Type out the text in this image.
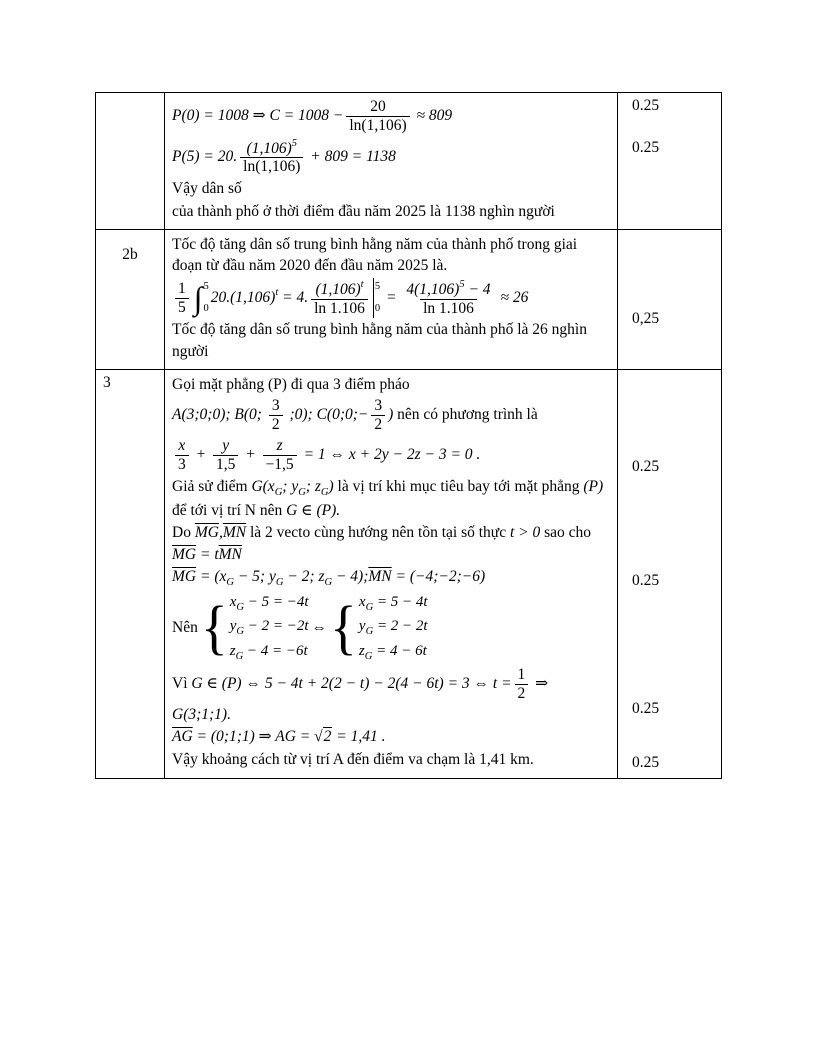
P(0) = 1008 ⇒ $C = 1008 - \frac{20}{\ln(1,106)} \approx 809$
P(5) = 20. $\frac{(1,106)^5}{\ln(1,106)} + 809 = 1138$
Vậy dân số
của thành phố ở thời điểm đầu năm 2025 là 1138 nghìn người
0.25
0.25
2b
Tốc độ tăng dân số trung bình hằng năm của thành phố trong giai đoạn từ đầu năm 2020 đến đầu năm 2025 là.
$\frac{1}{5}$ ∫ 5
0
$20.(1,106)^t = 4$. $\frac{(1,106)^t}{\ln 1.106} 5$
0
= $\frac{4(1,106)^5 - 4}{\ln 1.106} \approx 26$
Tốc độ tăng dân số trung bình hằng năm của thành phố là 26 nghìn người
0,25
3	Gọi mặt phẳng (P) đi qua 3 điểm pháo
A(3;0;0); B(0; $\frac{3}{2}$ ;0); C(0;0;− $\frac{3}{2}$ ) nên có phương trình là
$\frac{x}{3} + \frac{y}{1,5} + \frac{z}{-1,5} = 1$ ⇔ x + 2y − 2z − 3 = 0 .
Giả sử điểm $G(x_G$; $y_G$; $z_G$) là vị trí khi mục tiêu bay tới mặt phẳng (P) để tới vị trí N nên G ∈ (P).
Do $\overline{MG},\overline{MN}$ là 2 vecto cùng hướng nên tồn tại số thực t > 0 sao cho $\overline{MG} = t\overline{MN}$
$\overline{MG} = (x_G - 5$; $y_G - 2$; $z_G$ − $4);\overline{MN}$ = (−4;−2;−6)
Nên { $x_G - 5 = -4t$
$y_G - 2 = -2t$
$z_G - 4 = -6t$
⇔ { $x_G = 5 - 4t$
$y_G = 2 - 2t$
$z_G = 4 - 6t$
Vì G ∈ (P) ⇔ 5 − 4t + 2(2 − t) − 2(4 − 6t) = 3 ⇔ $t = \frac{1}{2}$ ⇒ G(3;1;1).
$\overline{AG}$ = (0;1;1) ⇒ AG = √2 = 1,41 .
Vậy khoảng cách từ vị trí A đến điểm va chạm là 1,41 km.
0.25
0.25
0.25
0.25
